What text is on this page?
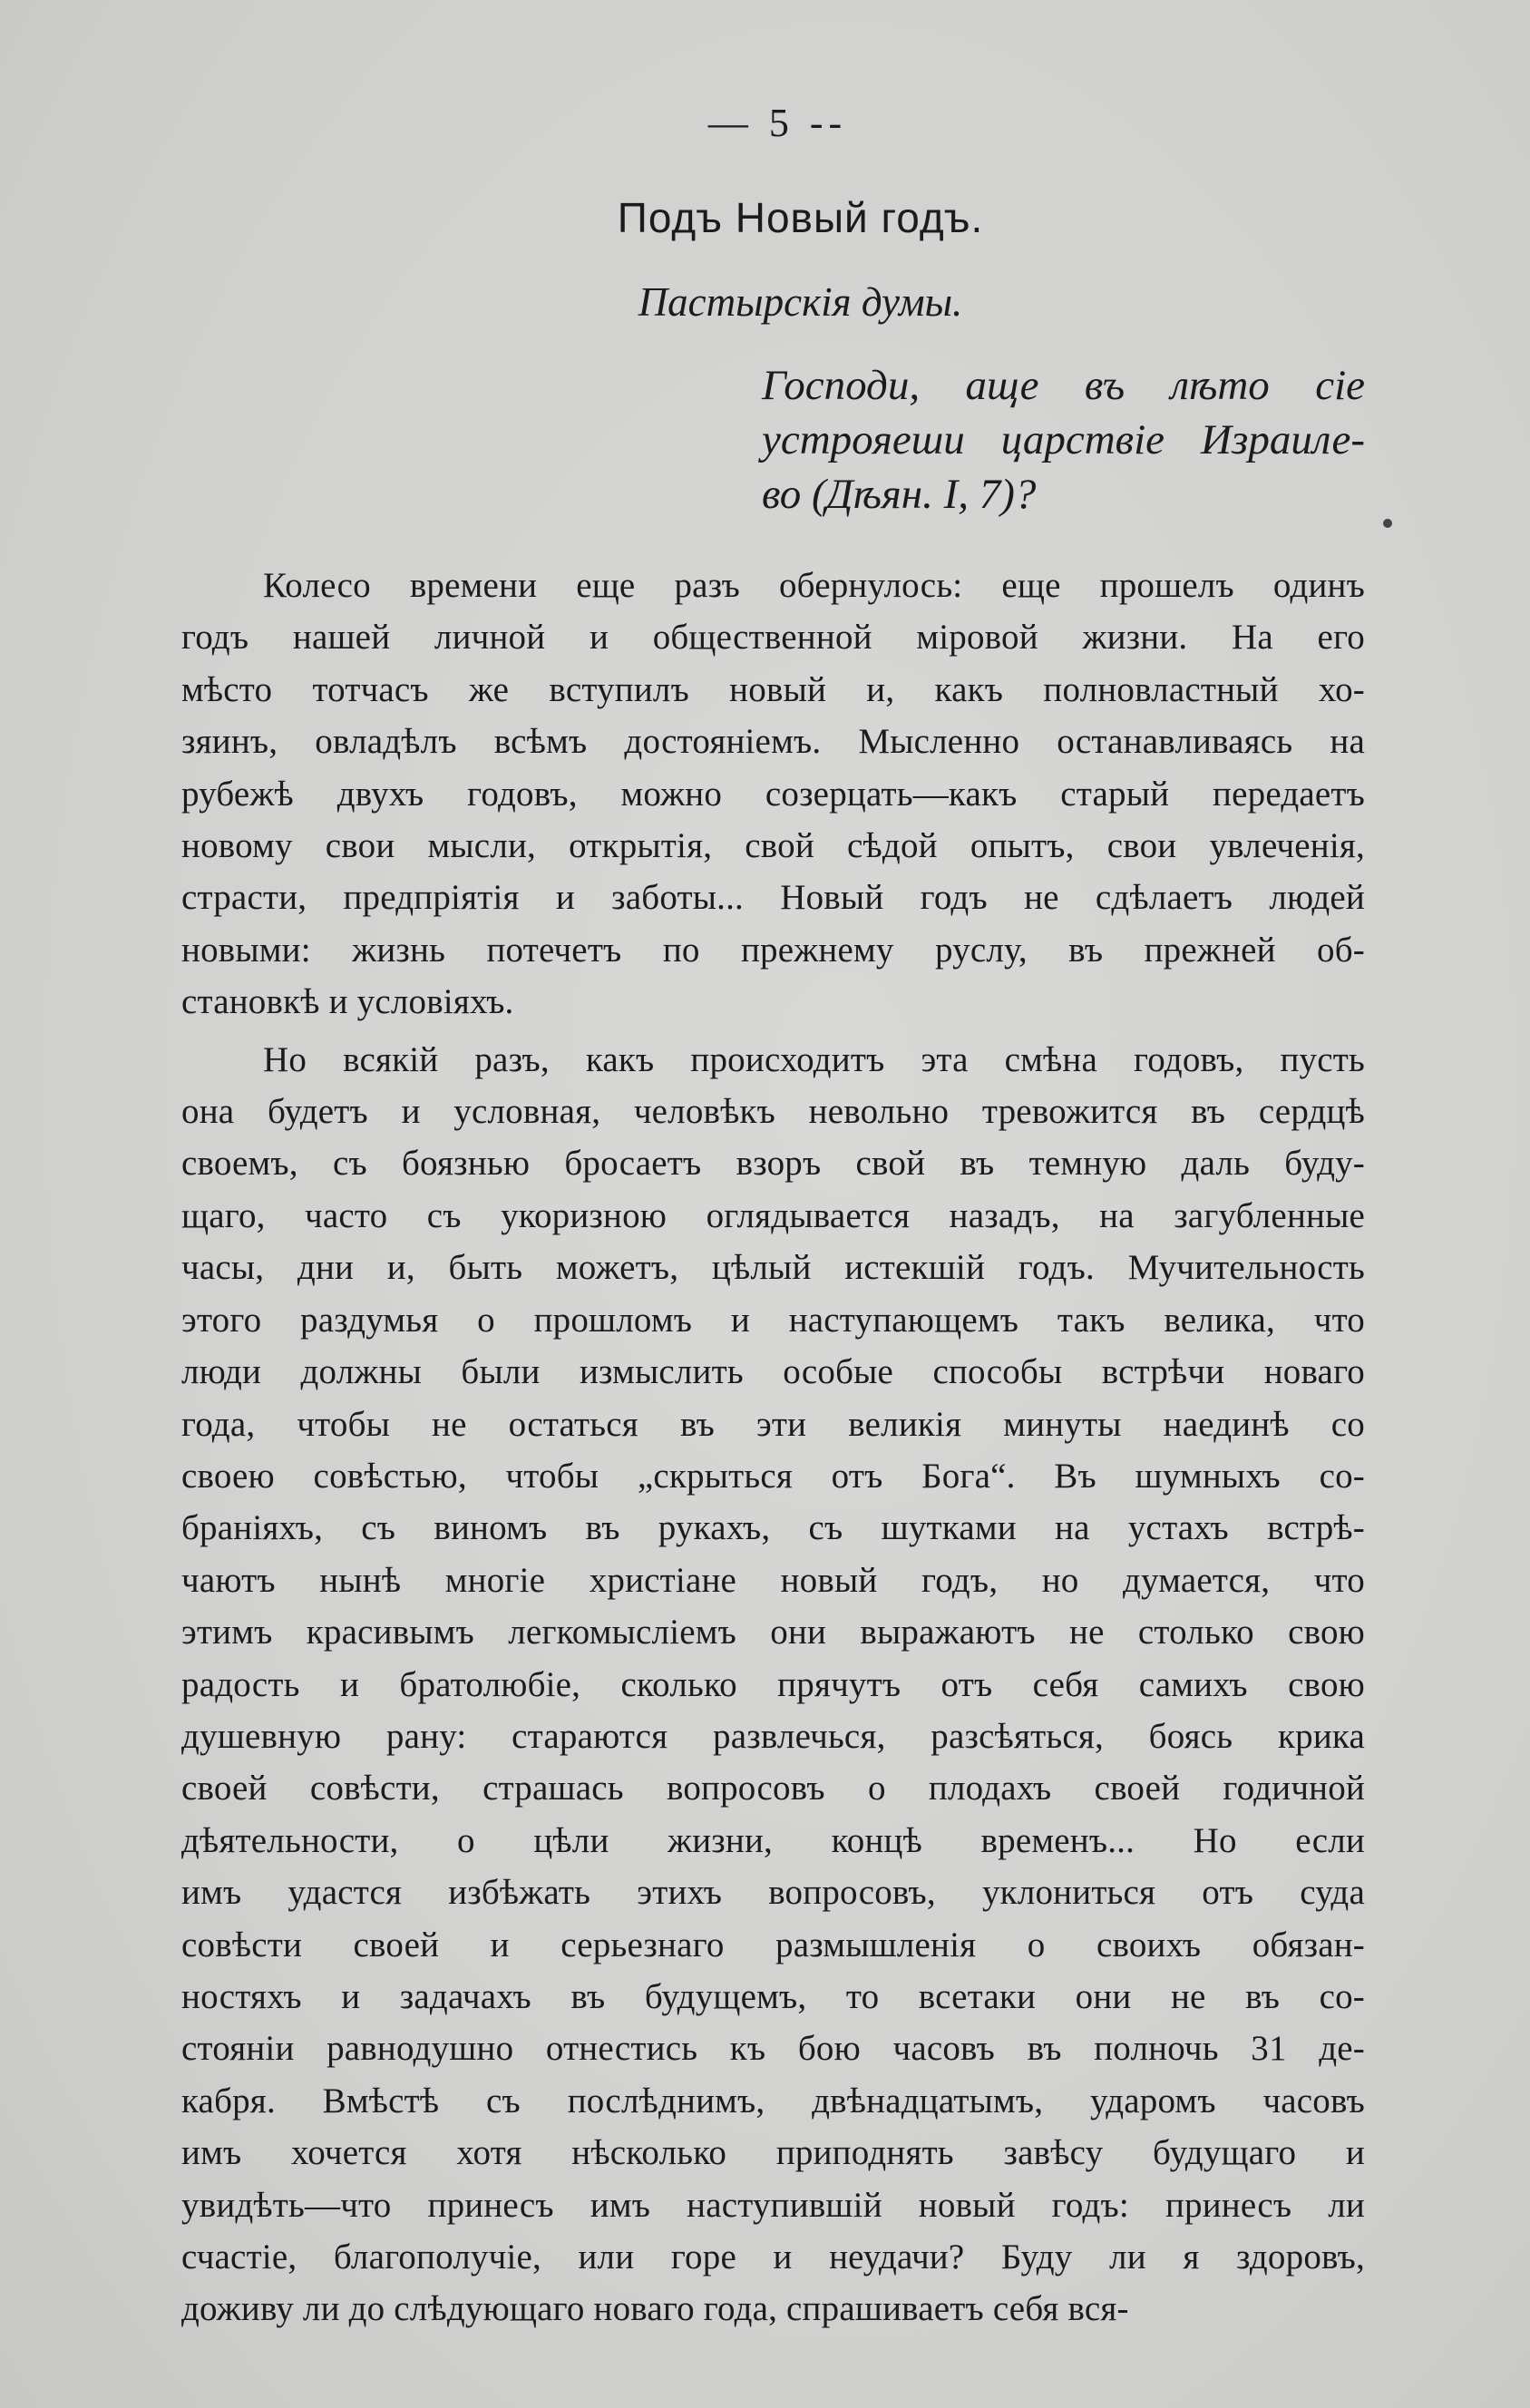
— 5 --
Подъ Новый годъ.
Пастырскія думы.
Господи, аще въ лѣто сіе
устрояеши царствіе Израиле-
во (Дѣян. I, 7)?
Колесо времени еще разъ обернулось: еще прошелъ одинъ
годъ нашей личной и общественной міровой жизни. На его
мѣсто тотчасъ же вступилъ новый и, какъ полновластный хо-
зяинъ, овладѣлъ всѣмъ достояніемъ. Мысленно останавливаясь на
рубежѣ двухъ годовъ, можно созерцать—какъ старый передаетъ
новому свои мысли, открытія, свой сѣдой опытъ, свои увлеченія,
страсти, предпріятія и заботы... Новый годъ не сдѣлаетъ людей
новыми: жизнь потечетъ по прежнему руслу, въ прежней об-
становкѣ и условіяхъ.
Но всякій разъ, какъ происходитъ эта смѣна годовъ, пусть
она будетъ и условная, человѣкъ невольно тревожится въ сердцѣ
своемъ, съ боязнью бросаетъ взоръ свой въ темную даль буду-
щаго, часто съ укоризною оглядывается назадъ, на загубленные
часы, дни и, быть можетъ, цѣлый истекшій годъ. Мучительность
этого раздумья о прошломъ и наступающемъ такъ велика, что
люди должны были измыслить особые способы встрѣчи новаго
года, чтобы не остаться въ эти великія минуты наединѣ со
своею совѣстью, чтобы „скрыться отъ Бога“. Въ шумныхъ со-
браніяхъ, съ виномъ въ рукахъ, съ шутками на устахъ встрѣ-
чаютъ нынѣ многіе христіане новый годъ, но думается, что
этимъ красивымъ легкомысліемъ они выражаютъ не столько свою
радость и братолюбіе, сколько прячутъ отъ себя самихъ свою
душевную рану: стараются развлечься, разсѣяться, боясь крика
своей совѣсти, страшась вопросовъ о плодахъ своей годичной
дѣятельности, о цѣли жизни, концѣ временъ... Но если
имъ удастся избѣжать этихъ вопросовъ, уклониться отъ суда
совѣсти своей и серьезнаго размышленія о своихъ обязан-
ностяхъ и задачахъ въ будущемъ, то всетаки они не въ со-
стояніи равнодушно отнестись къ бою часовъ въ полночь 31 де-
кабря. Вмѣстѣ съ послѣднимъ, двѣнадцатымъ, ударомъ часовъ
имъ хочется хотя нѣсколько приподнять завѣсу будущаго и
увидѣть—что принесъ имъ наступившій новый годъ: принесъ ли
счастіе, благополучіе, или горе и неудачи? Буду ли я здоровъ,
доживу ли до слѣдующаго новаго года, спрашиваетъ себя вся-
